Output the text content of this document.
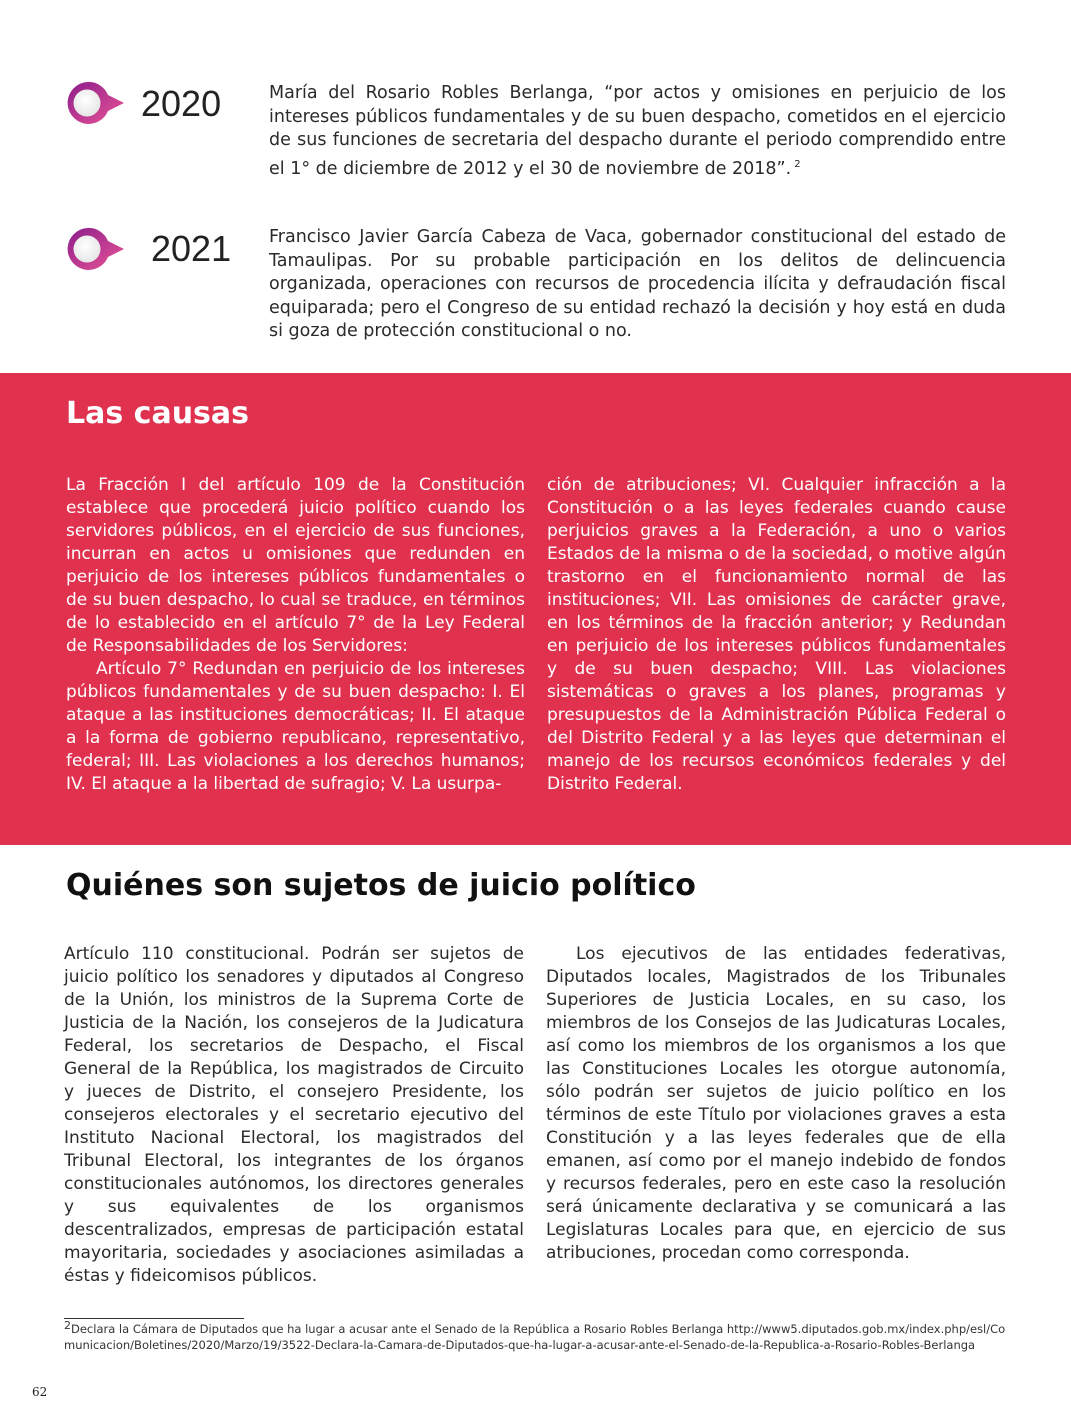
2020	María del Rosario Robles Berlanga, “por actos y omisiones en perjuicio de los intereses públicos fundamentales y de su buen despacho, cometidos en el ejercicio de sus funciones de secretaria del despacho durante el periodo comprendido entre el 1° de diciembre de 2012 y el 30 de noviembre de 2018”. $^2$

2021 Francisco Javier García Cabeza de Vaca, gobernador constitucional del estado de Tamaulipas. Por su probable participación en los delitos de delincuencia organizada, operaciones con recursos de procedencia ilícita y defraudación fiscal equiparada; pero el Congreso de su entidad rechazó la decisión y hoy está en duda si goza de protección constitucional o no.

Las causas

La Fracción I del artículo 109 de la Constitución establece que procederá juicio político cuando los servidores públicos, en el ejercicio de sus funciones, incurran en actos u omisiones que redunden en perjuicio de los intereses públicos fundamentales o de su buen despacho, lo cual se traduce, en términos de lo establecido en el artículo 7° de la Ley Federal de Responsabilidades de los Servidores:
Artículo 7° Redundan en perjuicio de los intereses públicos fundamentales y de su buen despacho: I. El ataque a las instituciones democráticas; II. El ataque a la forma de gobierno republicano, representativo, federal; III. Las violaciones a los derechos humanos; IV. El ataque a la libertad de sufragio; V. La usurpa-

ción de atribuciones; VI. Cualquier infracción a la Constitución o a las leyes federales cuando cause perjuicios graves a la Federación, a uno o varios Estados de la misma o de la sociedad, o motive algún trastorno en el funcionamiento normal de las instituciones; VII. Las omisiones de carácter grave, en los términos de la fracción anterior; y Redundan en perjuicio de los intereses públicos fundamentales y de su buen despacho; VIII. Las violaciones sistemáticas o graves a los planes, programas y presupuestos de la Administración Pública Federal o del Distrito Federal y a las leyes que determinan el manejo de los recursos económicos federales y del Distrito Federal.

Quiénes son sujetos de juicio político

Artículo 110 constitucional. Podrán ser sujetos de juicio político los senadores y diputados al Congreso de la Unión, los ministros de la Suprema Corte de Justicia de la Nación, los consejeros de la Judicatura Federal, los secretarios de Despacho, el Fiscal General de la República, los magistrados de Circuito y jueces de Distrito, el consejero Presidente, los consejeros electorales y el secretario ejecutivo del Instituto Nacional Electoral, los magistrados del Tribunal Electoral, los integrantes de los órganos constitucionales autónomos, los directores generales y sus equivalentes de los organismos descentralizados, empresas de participación estatal mayoritaria, sociedades y asociaciones asimiladas a éstas y fideicomisos públicos.

Los ejecutivos de las entidades federativas, Diputados locales, Magistrados de los Tribunales Superiores de Justicia Locales, en su caso, los miembros de los Consejos de las Judicaturas Locales, así como los miembros de los organismos a los que las Constituciones Locales les otorgue autonomía, sólo podrán ser sujetos de juicio político en los términos de este Título por violaciones graves a esta Constitución y a las leyes federales que de ella emanen, así como por el manejo indebido de fondos y recursos federales, pero en este caso la resolución será únicamente declarativa y se comunicará a las Legislaturas Locales para que, en ejercicio de sus atribuciones, procedan como corresponda.

$^2$Declara la Cámara de Diputados que ha lugar a acusar ante el Senado de la República a Rosario Robles Berlanga http://www5.diputados.gob.mx/index.php/esl/Comunicacion/Boletines/2020/Marzo/19/3522-Declara-la-Camara-de-Diputados-que-ha-lugar-a-acusar-ante-el-Senado-de-la-Republica-a-Rosario-Robles-Berlanga

62
